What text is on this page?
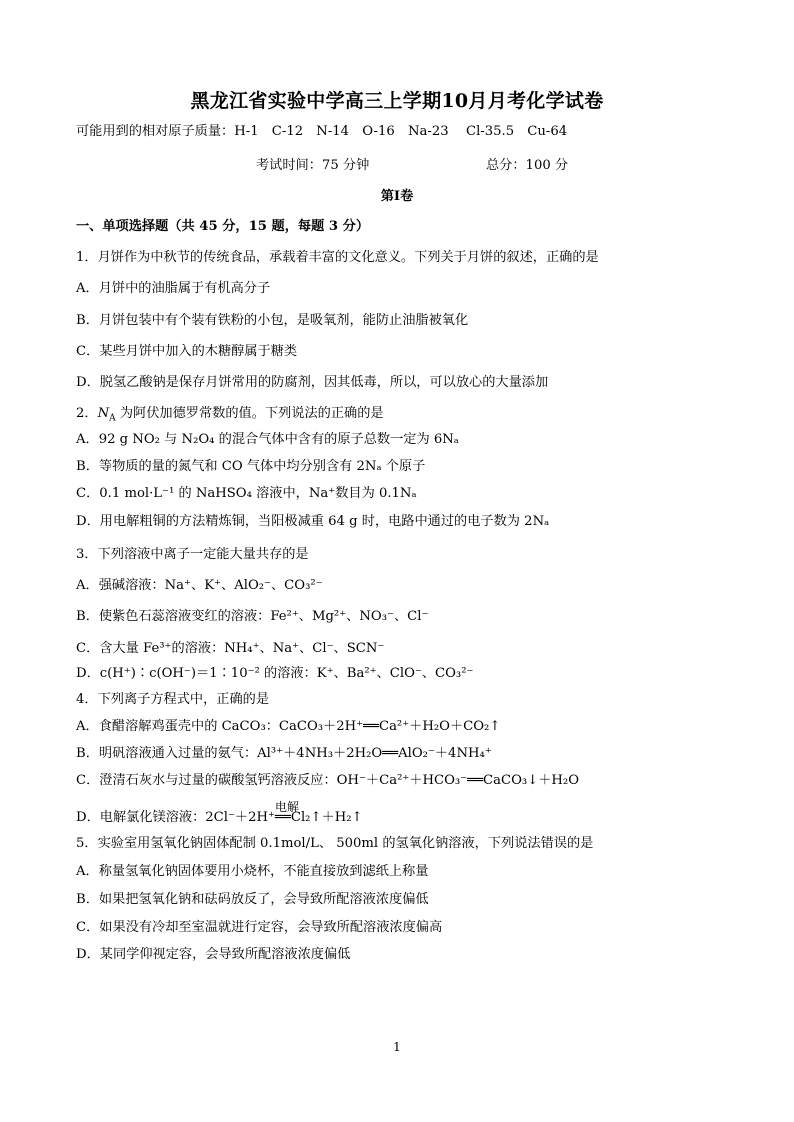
黑龙江省实验中学高三上学期10月月考化学试卷
可能用到的相对原子质量：H-1　C-12　N-14　O-16　Na-23　 Cl-35.5　Cu-64
考试时间：75 分钟	总分：100 分
第Ⅰ卷
一、单项选择题（共 45 分，15 题，每题 3 分）
1．月饼作为中秋节的传统食品，承载着丰富的文化意义。下列关于月饼的叙述，正确的是
A．月饼中的油脂属于有机高分子
B．月饼包装中有个装有铁粉的小包，是吸氧剂，能防止油脂被氧化
C．某些月饼中加入的木糖醇属于糖类
D．脱氢乙酸钠是保存月饼常用的防腐剂，因其低毒，所以，可以放心的大量添加
2．$N_A$ 为阿伏加德罗常数的值。下列说法的正确的是
A．92 g NO₂ 与 N₂O₄ 的混合气体中含有的原子总数一定为 6Nₐ
B．等物质的量的氮气和 CO 气体中均分别含有 2Nₐ 个原子
C．0.1 mol·L⁻¹ 的 NaHSO₄ 溶液中，Na⁺数目为 0.1Nₐ
D．用电解粗铜的方法精炼铜，当阳极减重 64 g 时，电路中通过的电子数为 2Nₐ
3．下列溶液中离子一定能大量共存的是
A．强碱溶液：Na⁺、K⁺、AlO₂⁻、CO₃²⁻
B．使紫色石蕊溶液变红的溶液：Fe²⁺、Mg²⁺、NO₃⁻、Cl⁻
C．含大量 Fe³⁺的溶液：NH₄⁺、Na⁺、Cl⁻、SCN⁻
D．c(H⁺)∶c(OH⁻)＝1∶10⁻² 的溶液：K⁺、Ba²⁺、ClO⁻、CO₃²⁻
4．下列离子方程式中，正确的是
A．食醋溶解鸡蛋壳中的 CaCO₃：CaCO₃＋2H⁺══Ca²⁺＋H₂O＋CO₂↑
B．明矾溶液通入过量的氨气：Al³⁺＋4NH₃＋2H₂O══AlO₂⁻＋4NH₄⁺
C．澄清石灰水与过量的碳酸氢钙溶液反应：OH⁻＋Ca²⁺＋HCO₃⁻══CaCO₃↓＋H₂O
D．电解氯化镁溶液：2Cl⁻＋2H⁺
电解
══Cl₂↑＋H₂↑
5．实验室用氢氧化钠固体配制 0.1mol/L、 500ml 的氢氧化钠溶液，下列说法错误的是
A．称量氢氧化钠固体要用小烧杯，不能直接放到滤纸上称量
B．如果把氢氧化钠和砝码放反了，会导致所配溶液浓度偏低
C．如果没有冷却至室温就进行定容，会导致所配溶液浓度偏高
D．某同学仰视定容，会导致所配溶液浓度偏低
1
